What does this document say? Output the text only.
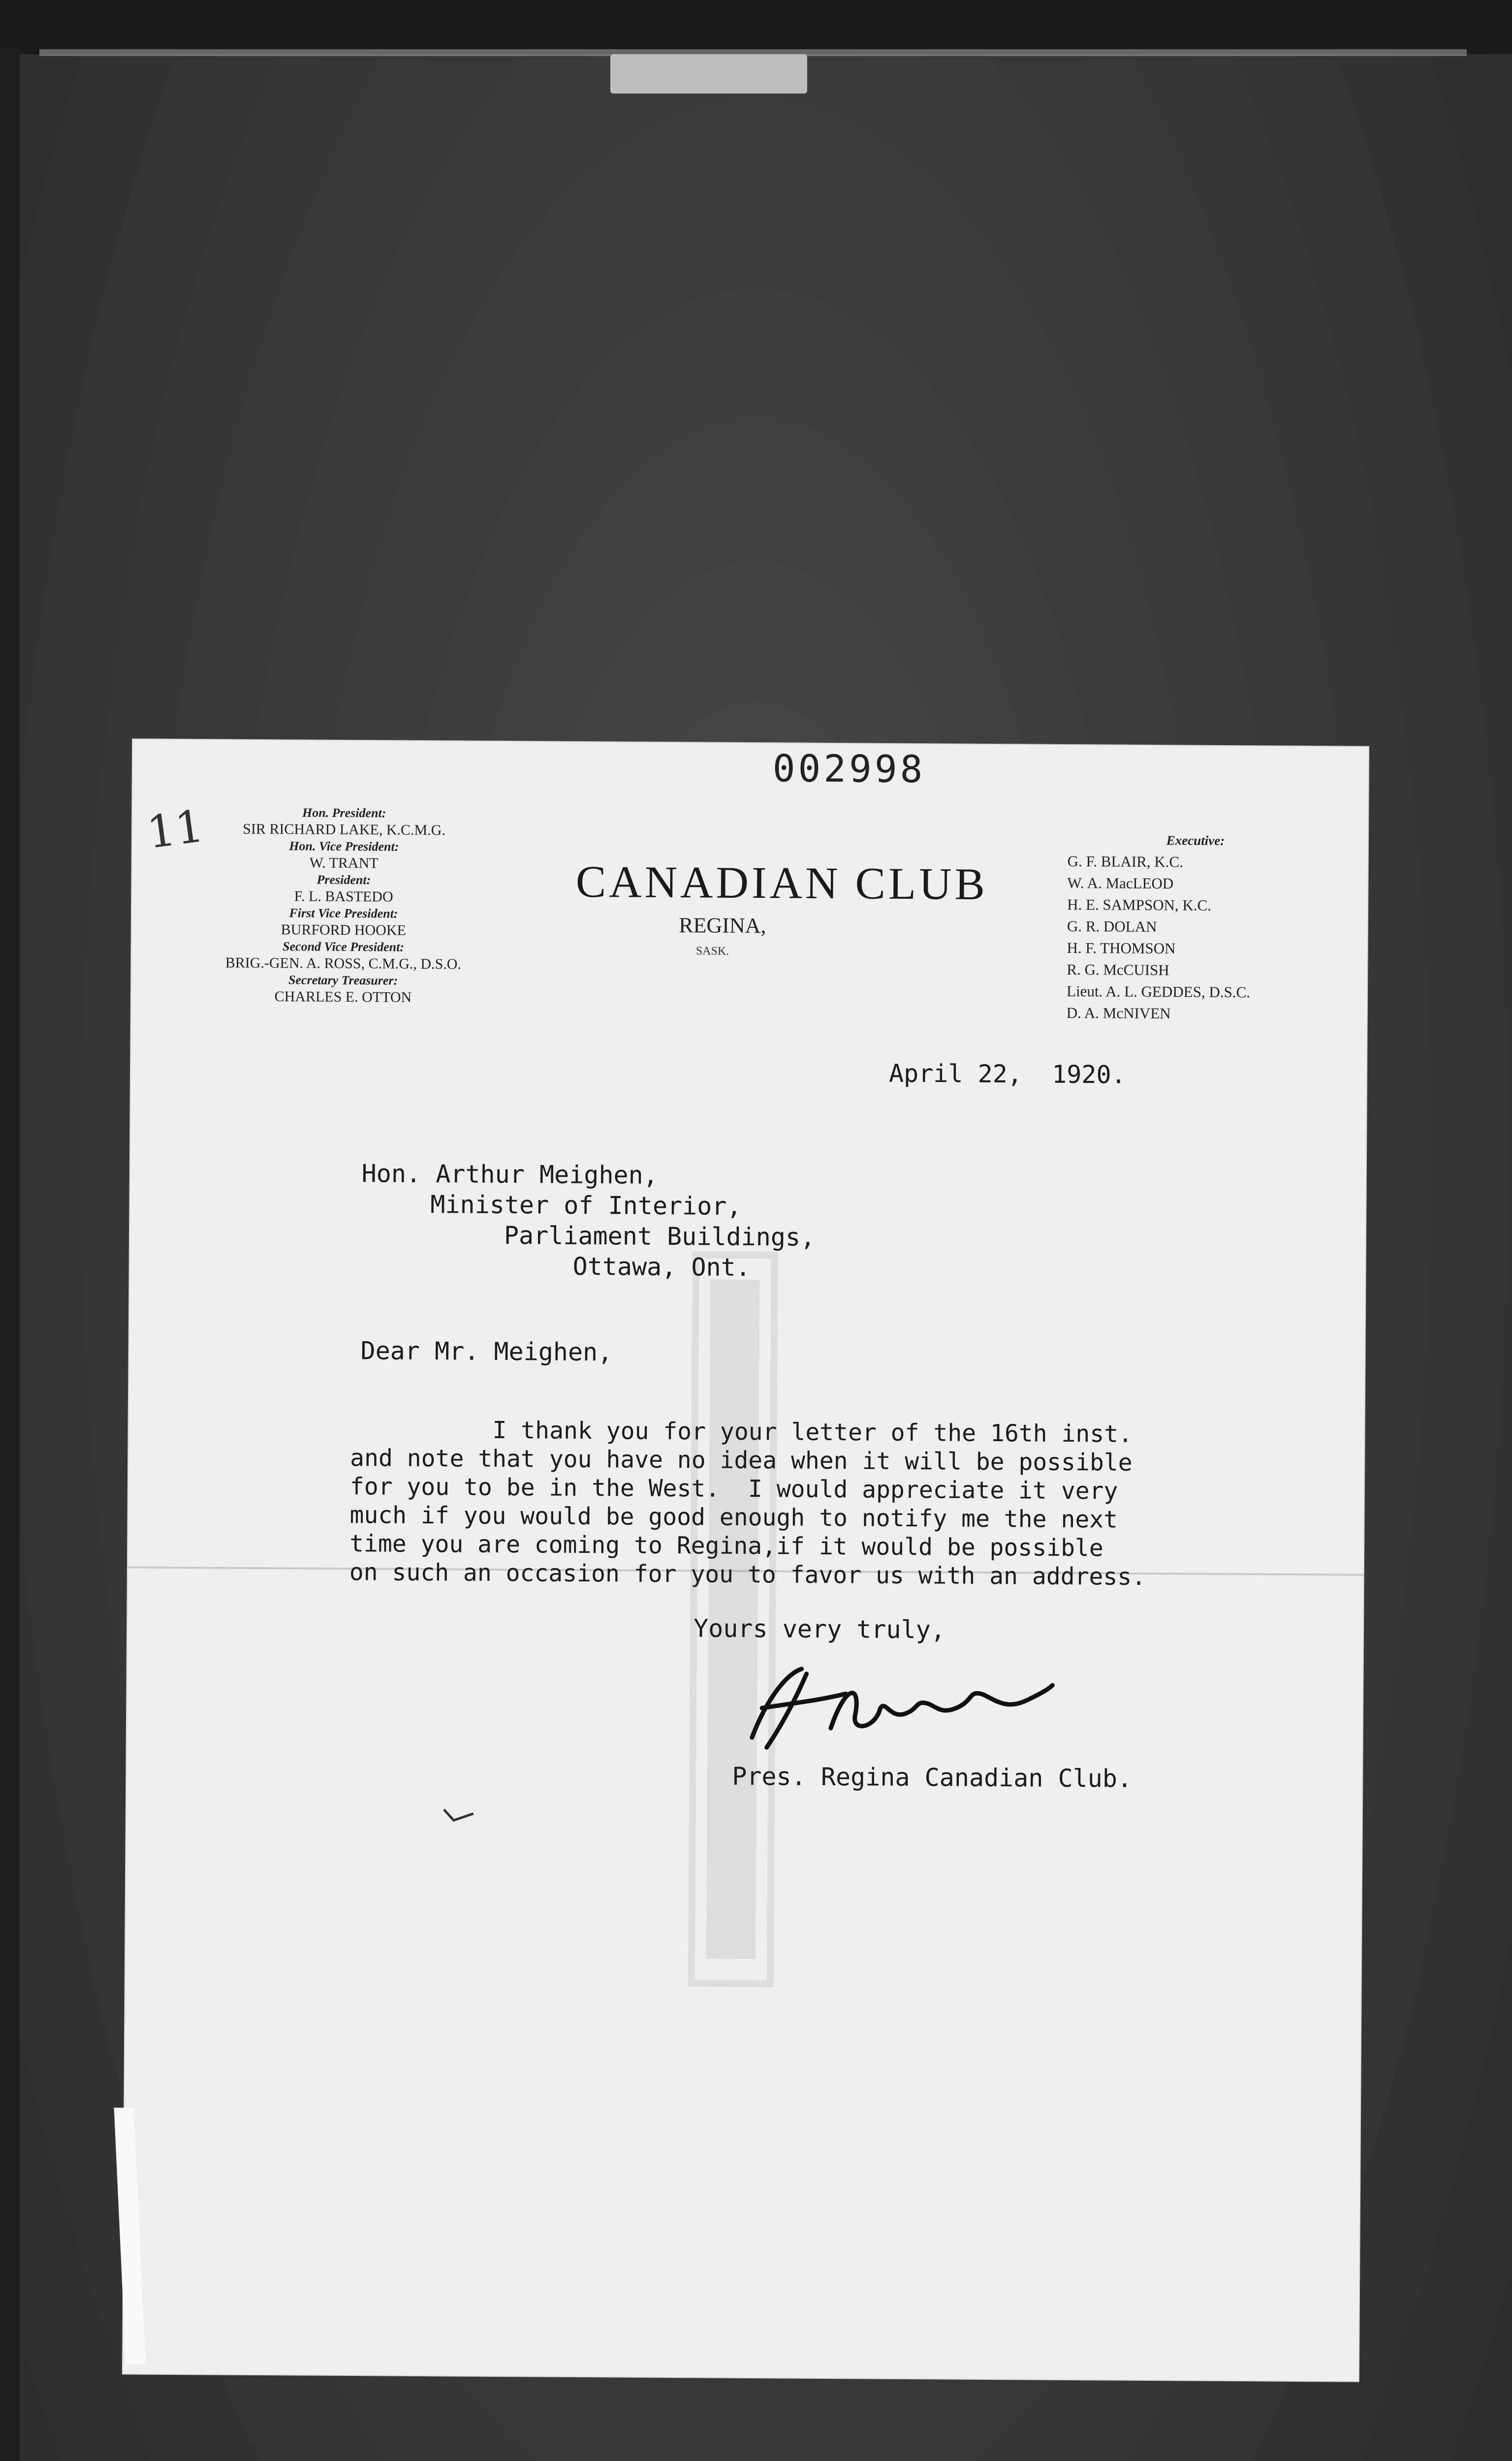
002998
11	Hon. President:
SIR RICHARD LAKE, K.C.M.G.
Hon. Vice President:
W. TRANT
President:
F. L. BASTEDO
First Vice President:
BURFORD HOOKE
Second Vice President:
BRIG.-GEN. A. ROSS, C.M.G., D.S.O.
Secretary Treasurer:
CHARLES E. OTTON
CANADIAN CLUB
REGINA,
SASK.
Executive:
G. F. BLAIR, K.C.
W. A. MacLEOD
H. E. SAMPSON, K.C.
G. R. DOLAN
H. F. THOMSON
R. G. McCUISH
Lieut. A. L. GEDDES, D.S.C.
D. A. McNIVEN
April 22,  1920.
Hon. Arthur Meighen,
Minister of Interior,
Parliament Buildings,
Ottawa, Ont.
Dear Mr. Meighen,
I thank you for your letter of the 16th inst.
and note that you have no idea when it will be possible
for you to be in the West.  I would appreciate it very
much if you would be good enough to notify me the next
time you are coming to Regina,if it would be possible
on such an occasion for you to favor us with an address.
Yours very truly,
Pres. Regina Canadian Club.
